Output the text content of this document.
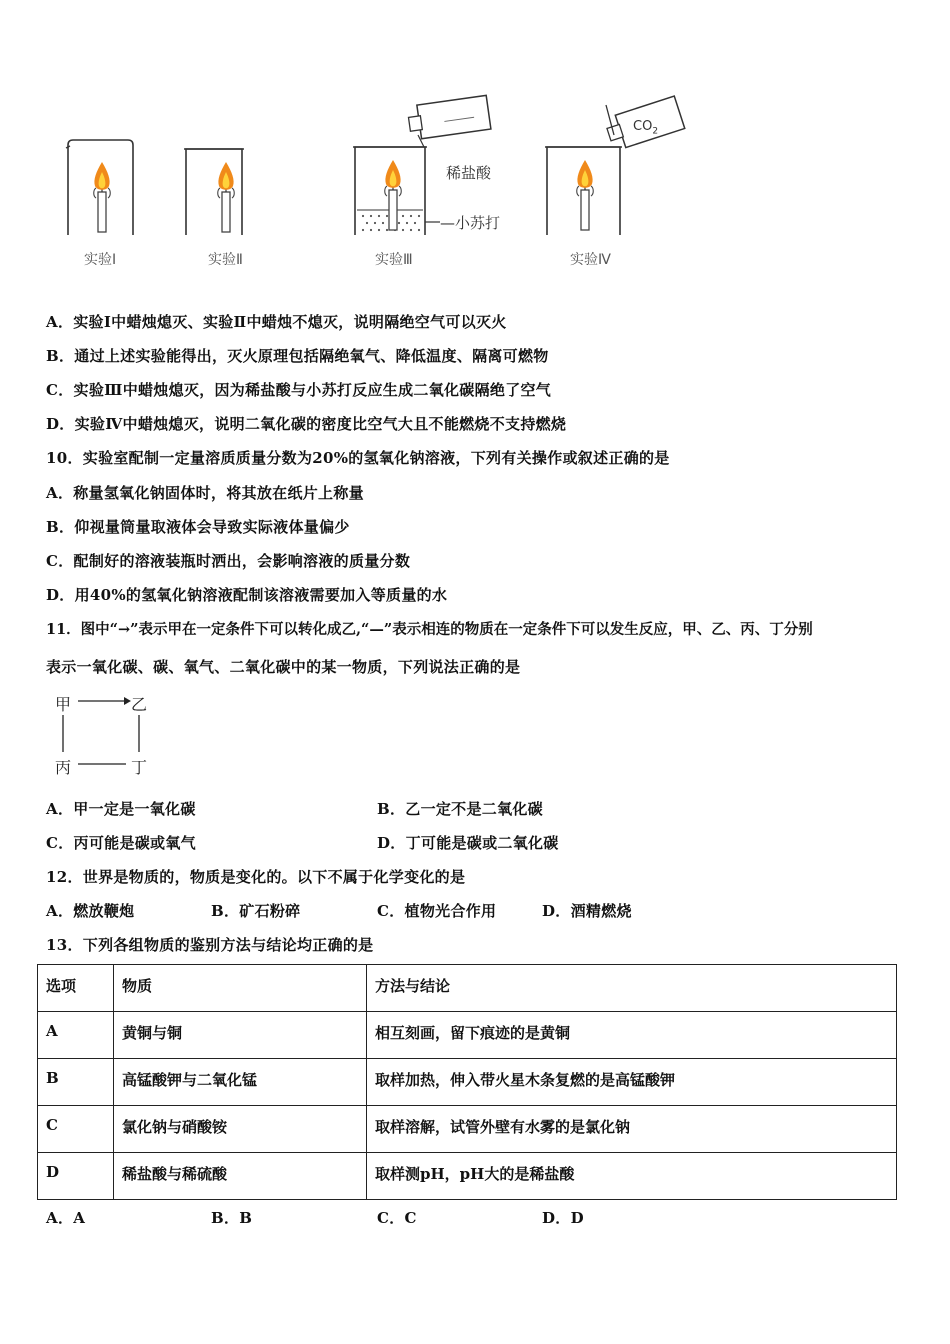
稀盐酸
—小苏打
$CO_2$
实验Ⅰ	实验Ⅱ	实验Ⅲ	实验Ⅳ
A．实验Ⅰ中蜡烛熄灭、实验Ⅱ中蜡烛不熄灭，说明隔绝空气可以灭火
B．通过上述实验能得出，灭火原理包括隔绝氧气、降低温度、隔离可燃物
C．实验Ⅲ中蜡烛熄灭，因为稀盐酸与小苏打反应生成二氧化碳隔绝了空气
D．实验Ⅳ中蜡烛熄灭，说明二氧化碳的密度比空气大且不能燃烧不支持燃烧
10．实验室配制一定量溶质质量分数为20%的氢氧化钠溶液，下列有关操作或叙述正确的是
A．称量氢氧化钠固体时，将其放在纸片上称量
B．仰视量筒量取液体会导致实际液体量偏少
C．配制好的溶液装瓶时洒出，会影响溶液的质量分数
D．用40%的氢氧化钠溶液配制该溶液需要加入等质量的水
11．图中“→”表示甲在一定条件下可以转化成乙,“—”表示相连的物质在一定条件下可以发生反应，甲、乙、丙、丁分别
表示一氧化碳、碳、氧气、二氧化碳中的某一物质，下列说法正确的是
甲	乙
丙	丁
A．甲一定是一氧化碳	B．乙一定不是二氧化碳
C．丙可能是碳或氧气	D．丁可能是碳或二氧化碳
12．世界是物质的，物质是变化的。以下不属于化学变化的是
A．燃放鞭炮	B．矿石粉碎	C．植物光合作用	D．酒精燃烧
13．下列各组物质的鉴别方法与结论均正确的是
选项	物质	方法与结论
A	黄铜与铜	相互刻画，留下痕迹的是黄铜
B	高锰酸钾与二氧化锰	取样加热，伸入带火星木条复燃的是高锰酸钾
C	氯化钠与硝酸铵	取样溶解，试管外壁有水雾的是氯化钠
D	稀盐酸与稀硫酸	取样测pH，pH大的是稀盐酸
A．A	B．B	C．C	D．D
